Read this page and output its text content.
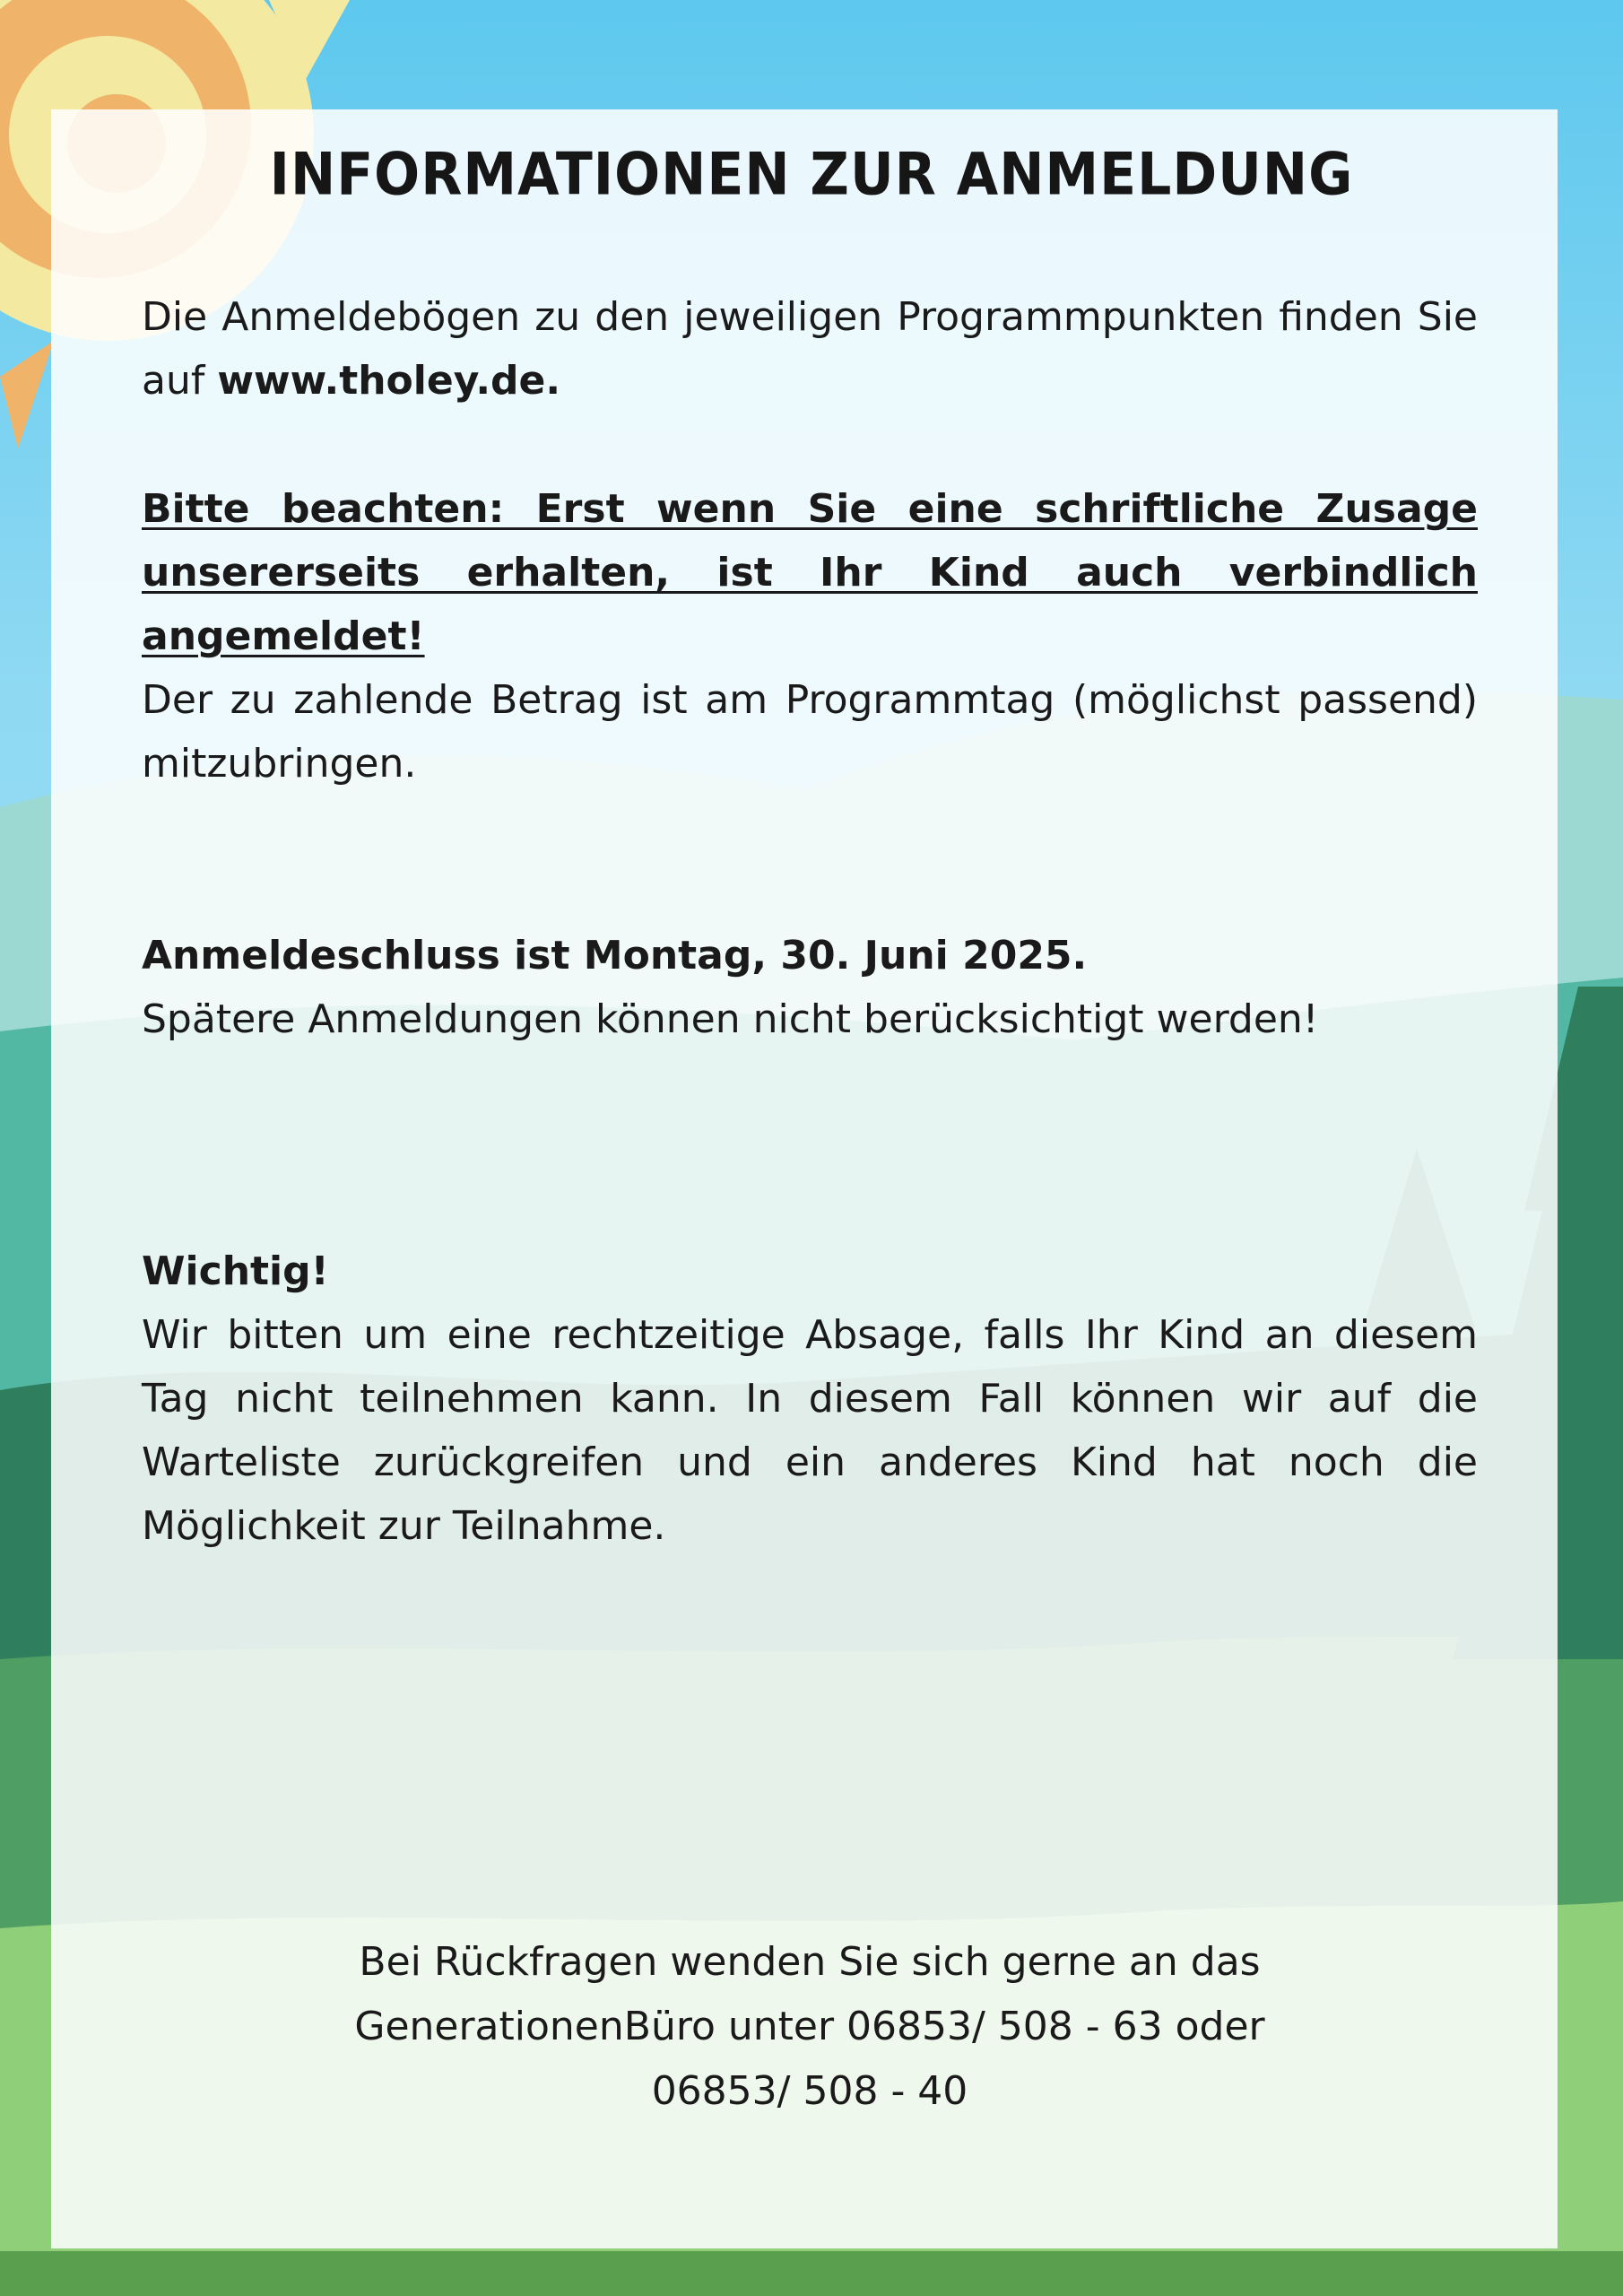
INFORMATIONEN ZUR ANMELDUNG

Die Anmeldebögen zu den jeweiligen Programmpunkten finden Sie auf www.tholey.de.

Bitte beachten: Erst wenn Sie eine schriftliche Zusage unsererseits erhalten, ist Ihr Kind auch verbindlich angemeldet!
Der zu zahlende Betrag ist am Programmtag (möglichst passend) mitzubringen.

Anmeldeschluss ist Montag, 30. Juni 2025.
Spätere Anmeldungen können nicht berücksichtigt werden!

Wichtig!
Wir bitten um eine rechtzeitige Absage, falls Ihr Kind an diesem Tag nicht teilnehmen kann. In diesem Fall können wir auf die Warteliste zurückgreifen und ein anderes Kind hat noch die Möglichkeit zur Teilnahme.

Bei Rückfragen wenden Sie sich gerne an das
GenerationenBüro unter 06853/ 508 - 63 oder
06853/ 508 - 40
